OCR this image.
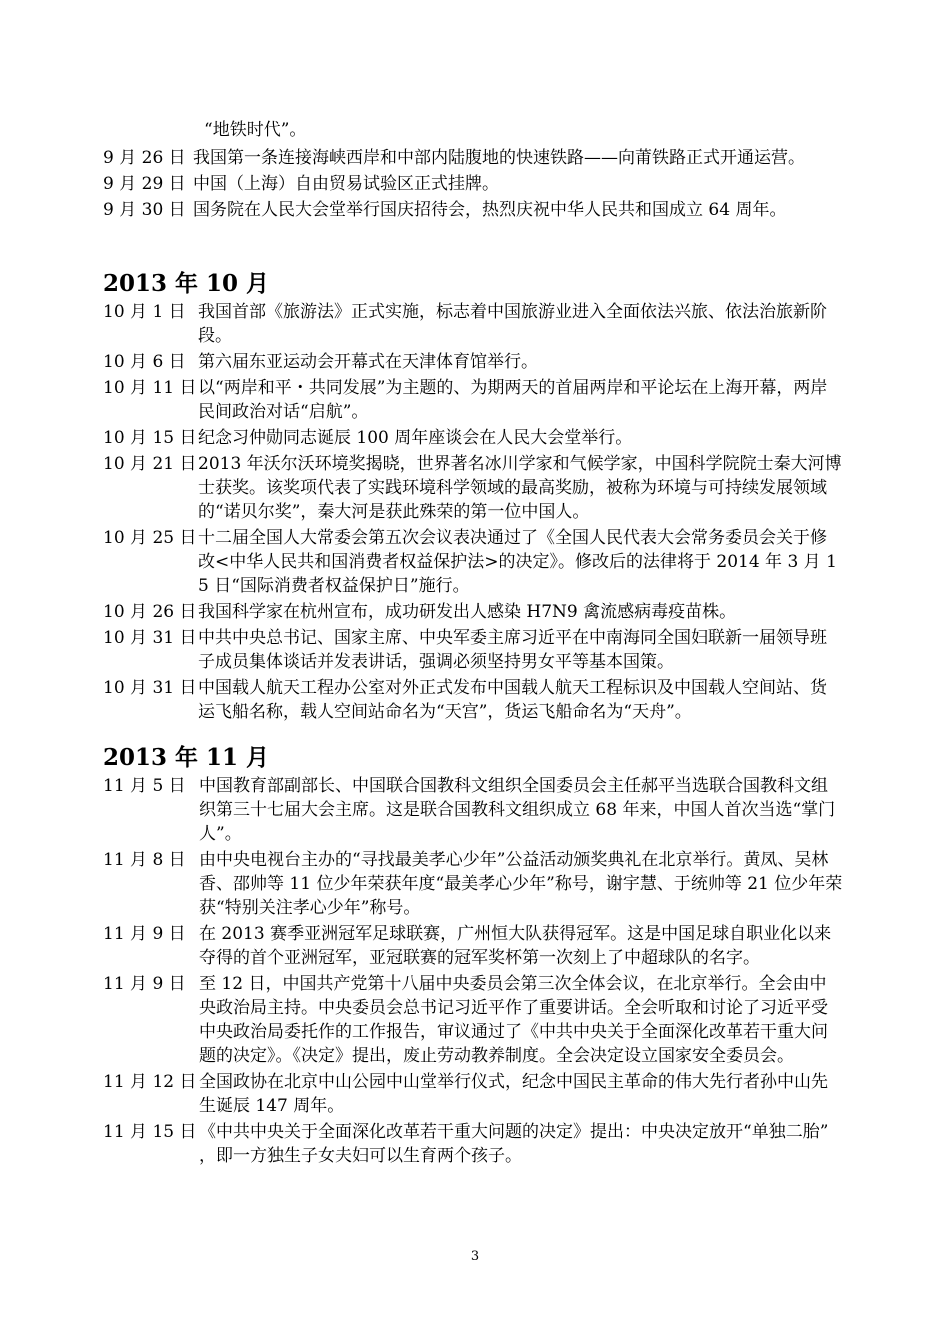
“地铁时代”。
9 月 26 日 我国第一条连接海峡西岸和中部内陆腹地的快速铁路——向莆铁路正式开通运营。
9 月 29 日 中国（上海）自由贸易试验区正式挂牌。
9 月 30 日 国务院在人民大会堂举行国庆招待会，热烈庆祝中华人民共和国成立 64 周年。
2013 年 10 月
10 月 1 日 我国首部《旅游法》正式实施，标志着中国旅游业进入全面依法兴旅、依法治旅新阶段。
10 月 6 日 第六届东亚运动会开幕式在天津体育馆举行。
10 月 11 日 以“两岸和平・共同发展”为主题的、为期两天的首届两岸和平论坛在上海开幕，两岸民间政治对话“启航”。
10 月 15 日 纪念习仲勋同志诞辰 100 周年座谈会在人民大会堂举行。
10 月 21 日 2013 年沃尔沃环境奖揭晓，世界著名冰川学家和气候学家，中国科学院院士秦大河博士获奖。该奖项代表了实践环境科学领域的最高奖励，被称为环境与可持续发展领域的“诺贝尔奖”，秦大河是获此殊荣的第一位中国人。
10 月 25 日 十二届全国人大常委会第五次会议表决通过了《全国人民代表大会常务委员会关于修改<中华人民共和国消费者权益保护法>的决定》。修改后的法律将于 2014 年 3 月 15 日“国际消费者权益保护日”施行。
10 月 26 日 我国科学家在杭州宣布，成功研发出人感染 H7N9 禽流感病毒疫苗株。
10 月 31 日 中共中央总书记、国家主席、中央军委主席习近平在中南海同全国妇联新一届领导班子成员集体谈话并发表讲话，强调必须坚持男女平等基本国策。
10 月 31 日 中国载人航天工程办公室对外正式发布中国载人航天工程标识及中国载人空间站、货运飞船名称，载人空间站命名为“天宫”，货运飞船命名为“天舟”。
2013 年 11 月
11 月 5 日 中国教育部副部长、中国联合国教科文组织全国委员会主任郝平当选联合国教科文组织第三十七届大会主席。这是联合国教科文组织成立 68 年来，中国人首次当选“掌门人”。
11 月 8 日 由中央电视台主办的“寻找最美孝心少年”公益活动颁奖典礼在北京举行。黄凤、吴林香、邵帅等 11 位少年荣获年度“最美孝心少年”称号，谢宇慧、于统帅等 21 位少年荣获“特别关注孝心少年”称号。
11 月 9 日 在 2013 赛季亚洲冠军足球联赛，广州恒大队获得冠军。这是中国足球自职业化以来夺得的首个亚洲冠军，亚冠联赛的冠军奖杯第一次刻上了中超球队的名字。
11 月 9 日 至 12 日，中国共产党第十八届中央委员会第三次全体会议，在北京举行。全会由中央政治局主持。中央委员会总书记习近平作了重要讲话。全会听取和讨论了习近平受中央政治局委托作的工作报告，审议通过了《中共中央关于全面深化改革若干重大问题的决定》。《决定》提出，废止劳动教养制度。全会决定设立国家安全委员会。
11 月 12 日 全国政协在北京中山公园中山堂举行仪式，纪念中国民主革命的伟大先行者孙中山先生诞辰 147 周年。
11 月 15 日 《中共中央关于全面深化改革若干重大问题的决定》提出：中央决定放开“单独二胎”，即一方独生子女夫妇可以生育两个孩子。
3
